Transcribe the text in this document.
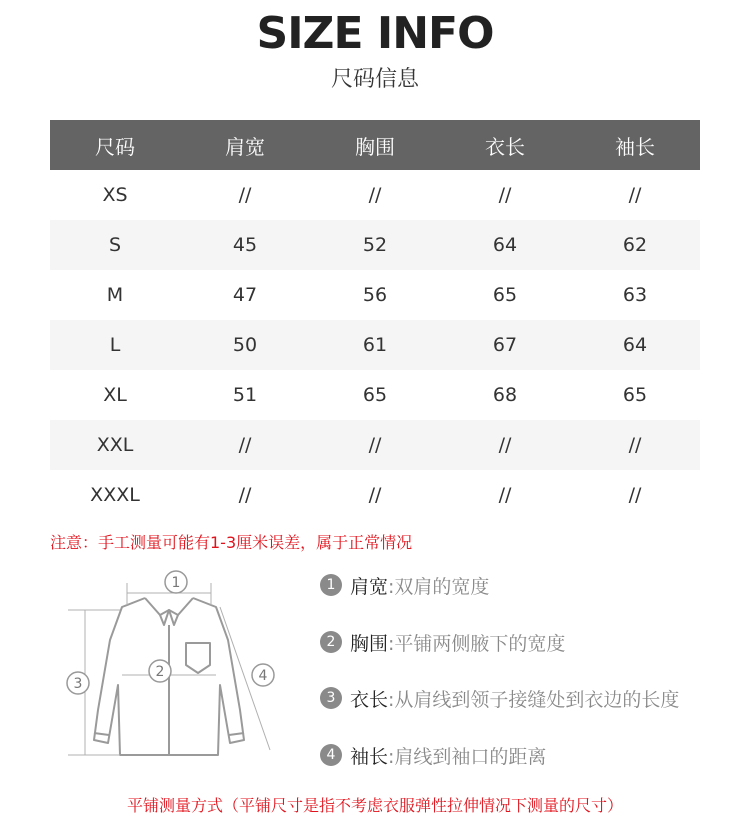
SIZE INFO
尺码信息
尺码	肩宽	胸围	衣长	袖长
XS	//	//	//	//
S	45	52	64	62
M	47	56	65	63
L	50	61	67	64
XL	51	65	68	65
XXL	//	//	//	//
XXXL	//	//	//	//
注意：手工测量可能有1-3厘米误差，属于正常情况
1
2
3	4
1 肩宽 :双肩的宽度
2 胸围 :平铺两侧腋下的宽度
3 衣长 :从肩线到领子接缝处到衣边的长度
4 袖长 :肩线到袖口的距离
平铺测量方式（平铺尺寸是指不考虑衣服弹性拉伸情况下测量的尺寸）
